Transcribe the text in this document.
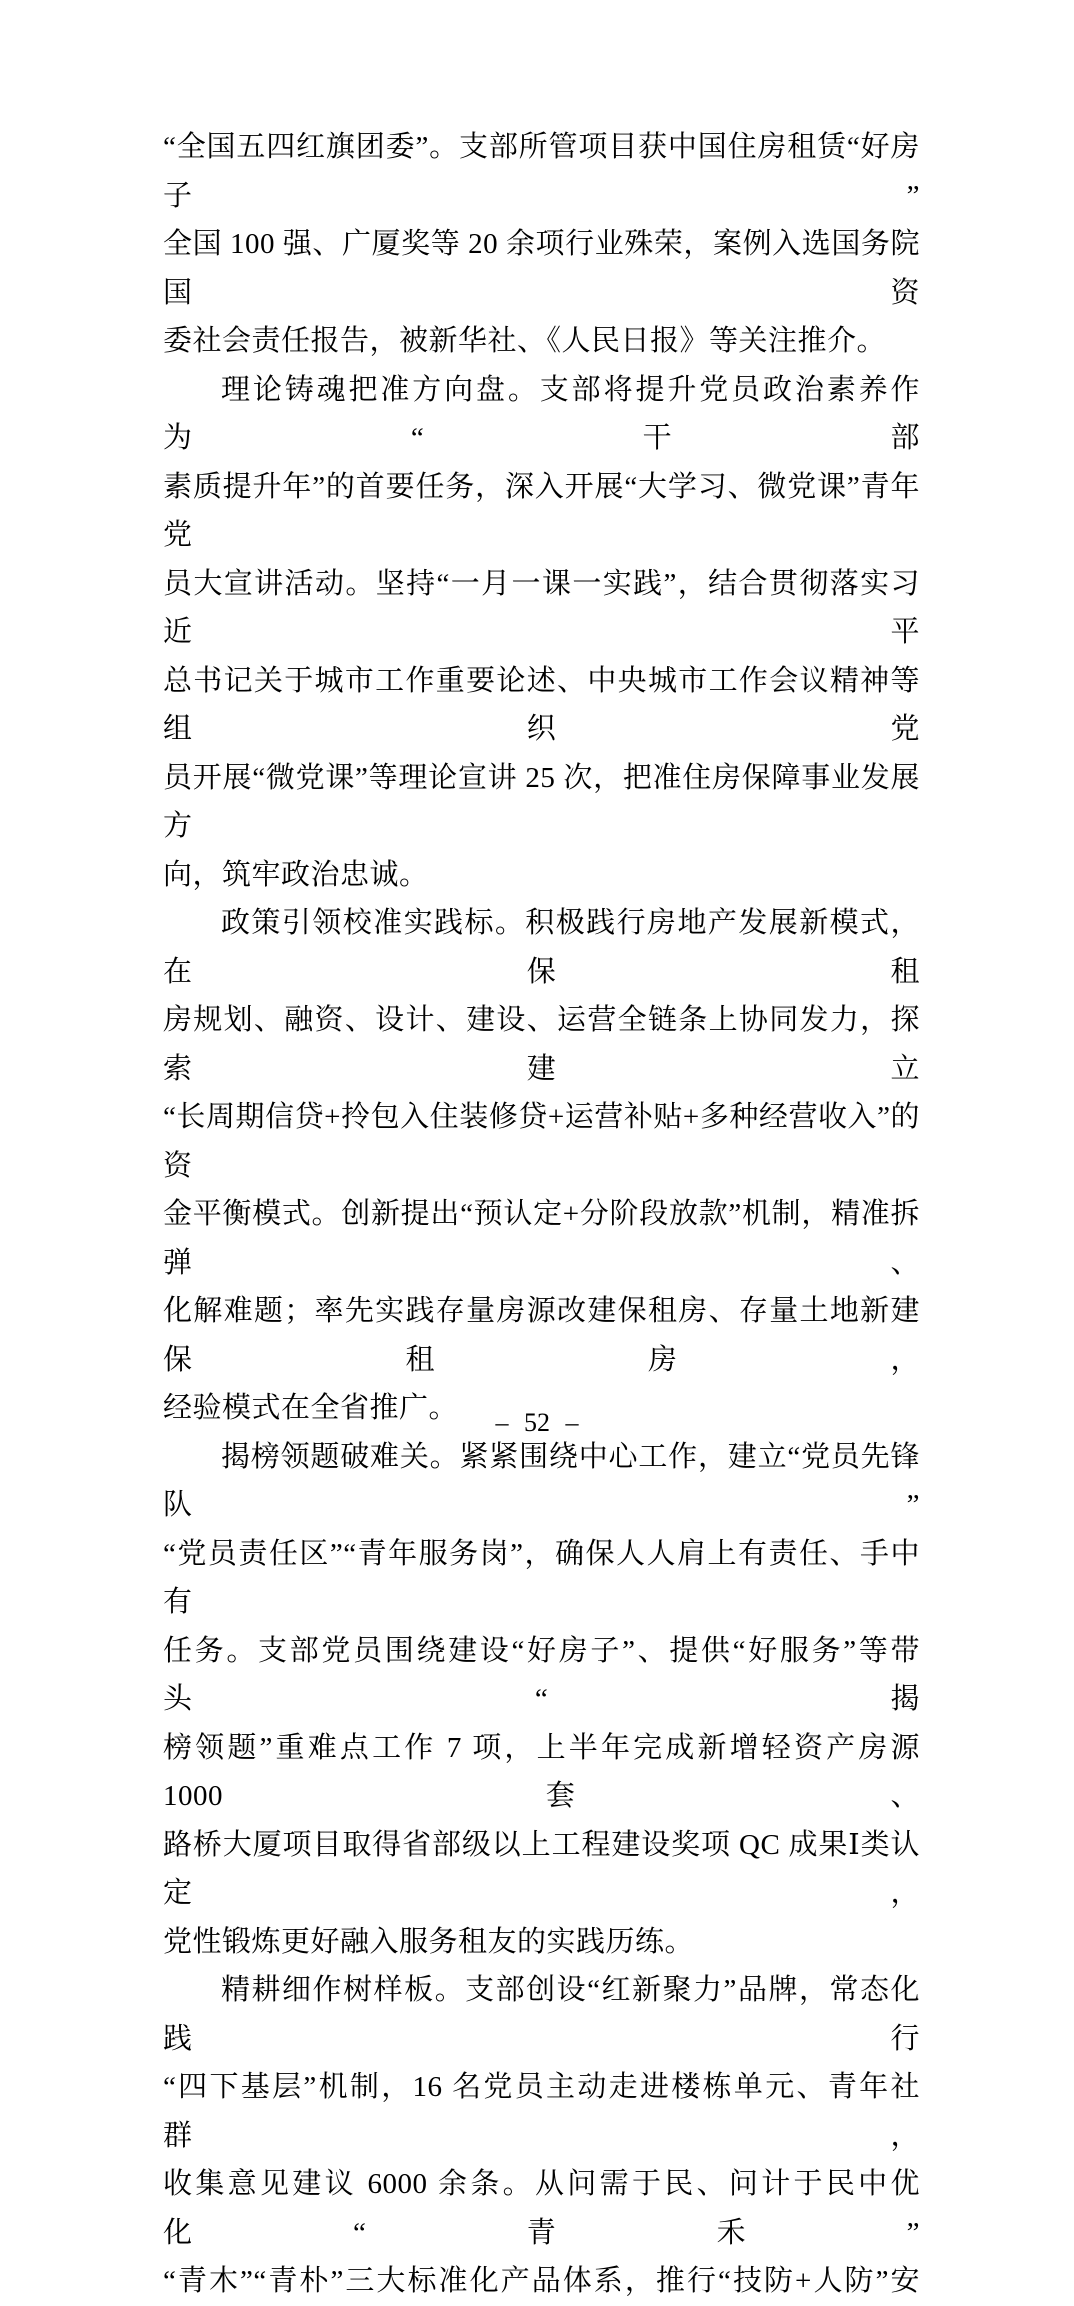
“全国五四红旗团委”。支部所管项目获中国住房租赁“好房子”
全国 100 强、广厦奖等 20 余项行业殊荣，案例入选国务院国资
委社会责任报告，被新华社、《人民日报》等关注推介。
理论铸魂把准方向盘。支部将提升党员政治素养作为“干部
素质提升年”的首要任务，深入开展“大学习、微党课”青年党
员大宣讲活动。坚持“一月一课一实践”，结合贯彻落实习近平
总书记关于城市工作重要论述、中央城市工作会议精神等组织党
员开展“微党课”等理论宣讲 25 次，把准住房保障事业发展方
向，筑牢政治忠诚。
政策引领校准实践标。积极践行房地产发展新模式，在保租
房规划、融资、设计、建设、运营全链条上协同发力，探索建立
“长周期信贷+拎包入住装修贷+运营补贴+多种经营收入”的资
金平衡模式。创新提出“预认定+分阶段放款”机制，精准拆弹、
化解难题；率先实践存量房源改建保租房、存量土地新建保租房，
经验模式在全省推广。
揭榜领题破难关。紧紧围绕中心工作，建立“党员先锋队”
“党员责任区”“青年服务岗”，确保人人肩上有责任、手中有
任务。支部党员围绕建设“好房子”、提供“好服务”等带头“揭
榜领题”重难点工作 7 项，上半年完成新增轻资产房源 1000 套、
路桥大厦项目取得省部级以上工程建设奖项 QC 成果Ⅰ类认定，
党性锻炼更好融入服务租友的实践历练。
精耕细作树样板。支部创设“红新聚力”品牌，常态化践行
“四下基层”机制，16 名党员主动走进楼栋单元、青年社群，
收集意见建议 6000 余条。从问需于民、问计于民中优化“青禾”
“青木”“青朴”三大标准化产品体系，推行“技防+人防”安
– 52 –
